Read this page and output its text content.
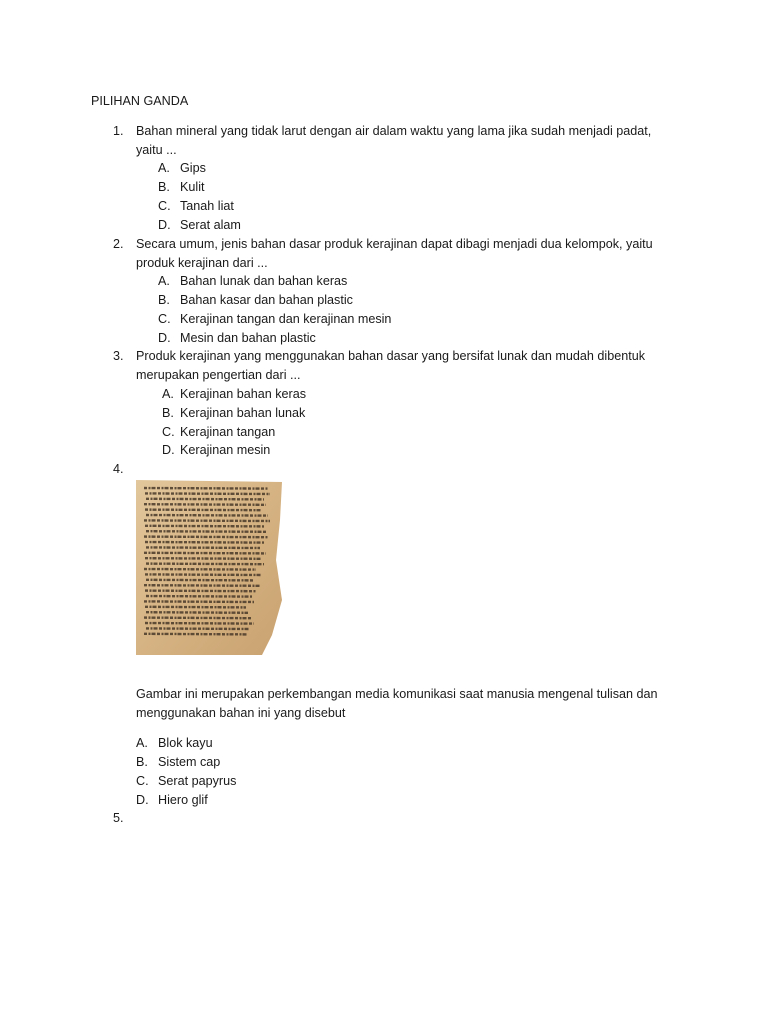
PILIHAN GANDA
1. Bahan mineral yang tidak larut dengan air dalam waktu yang lama jika sudah menjadi padat,
yaitu ...
A. Gips
B. Kulit
C. Tanah liat
D. Serat alam
2. Secara umum, jenis bahan dasar produk kerajinan dapat dibagi menjadi dua kelompok, yaitu
produk kerajinan dari ...
A. Bahan lunak dan bahan keras
B. Bahan kasar dan bahan plastic
C. Kerajinan tangan dan kerajinan mesin
D. Mesin dan bahan plastic
3. Produk kerajinan yang menggunakan bahan dasar yang bersifat lunak dan mudah dibentuk
merupakan pengertian dari ...
A. Kerajinan bahan keras
B. Kerajinan bahan lunak
C. Kerajinan tangan
D. Kerajinan mesin
4.
Gambar ini merupakan perkembangan media komunikasi saat manusia mengenal tulisan dan
menggunakan bahan ini yang disebut
A. Blok kayu
B. Sistem cap
C. Serat papyrus
D. Hiero glif
5.
